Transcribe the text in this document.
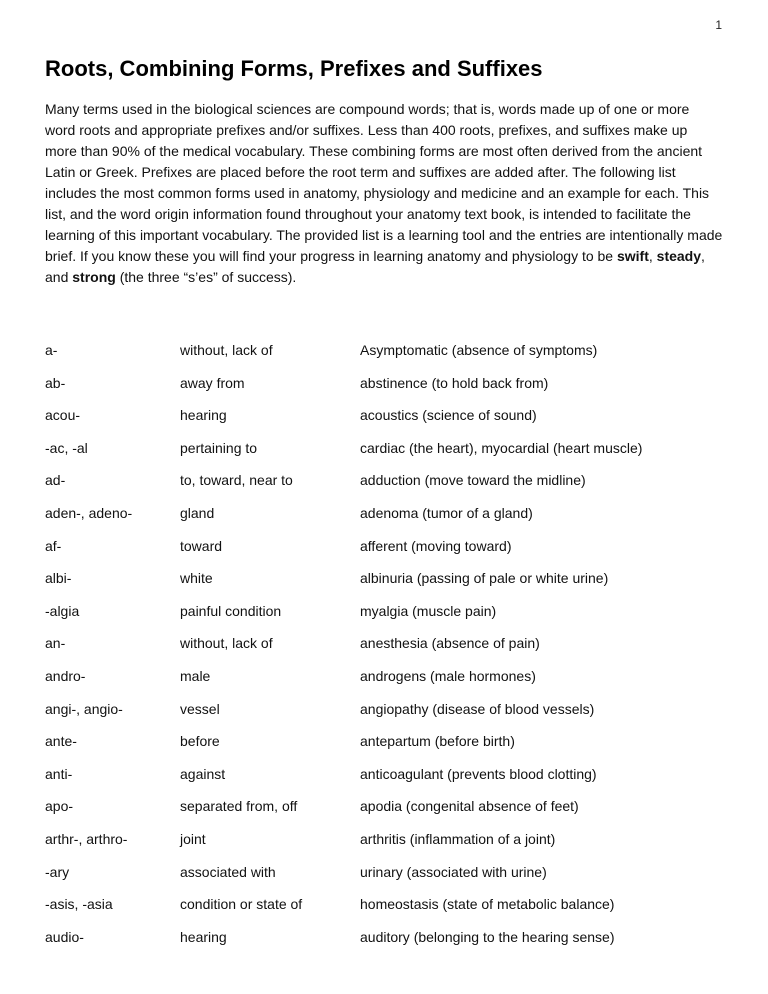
1
Roots, Combining Forms, Prefixes and Suffixes

Many terms used in the biological sciences are compound words; that is, words made up of one or more word roots and appropriate prefixes and/or suffixes. Less than 400 roots, prefixes, and suffixes make up more than 90% of the medical vocabulary. These combining forms are most often derived from the ancient Latin or Greek. Prefixes are placed before the root term and suffixes are added after. The following list includes the most common forms used in anatomy, physiology and medicine and an example for each. This list, and the word origin information found throughout your anatomy text book, is intended to facilitate the learning of this important vocabulary. The provided list is a learning tool and the entries are intentionally made brief. If you know these you will find your progress in learning anatomy and physiology to be swift, steady, and strong (the three “s’es” of success).

a-	without, lack of	Asymptomatic (absence of symptoms)
ab-	away from	abstinence (to hold back from)
acou-	hearing	acoustics (science of sound)
-ac, -al	pertaining to	cardiac (the heart), myocardial (heart muscle)
ad-	to, toward, near to	adduction (move toward the midline)
aden-, adeno-	gland	adenoma (tumor of a gland)
af-	toward	afferent (moving toward)
albi-	white	albinuria (passing of pale or white urine)
-algia	painful condition	myalgia (muscle pain)
an-	without, lack of	anesthesia (absence of pain)
andro-	male	androgens (male hormones)
angi-, angio-	vessel	angiopathy (disease of blood vessels)
ante-	before	antepartum (before birth)
anti-	against	anticoagulant (prevents blood clotting)
apo-	separated from, off	apodia (congenital absence of feet)
arthr-, arthro-	joint	arthritis (inflammation of a joint)
-ary	associated with	urinary (associated with urine)
-asis, -asia	condition or state of	homeostasis (state of metabolic balance)
audio-	hearing	auditory (belonging to the hearing sense)
